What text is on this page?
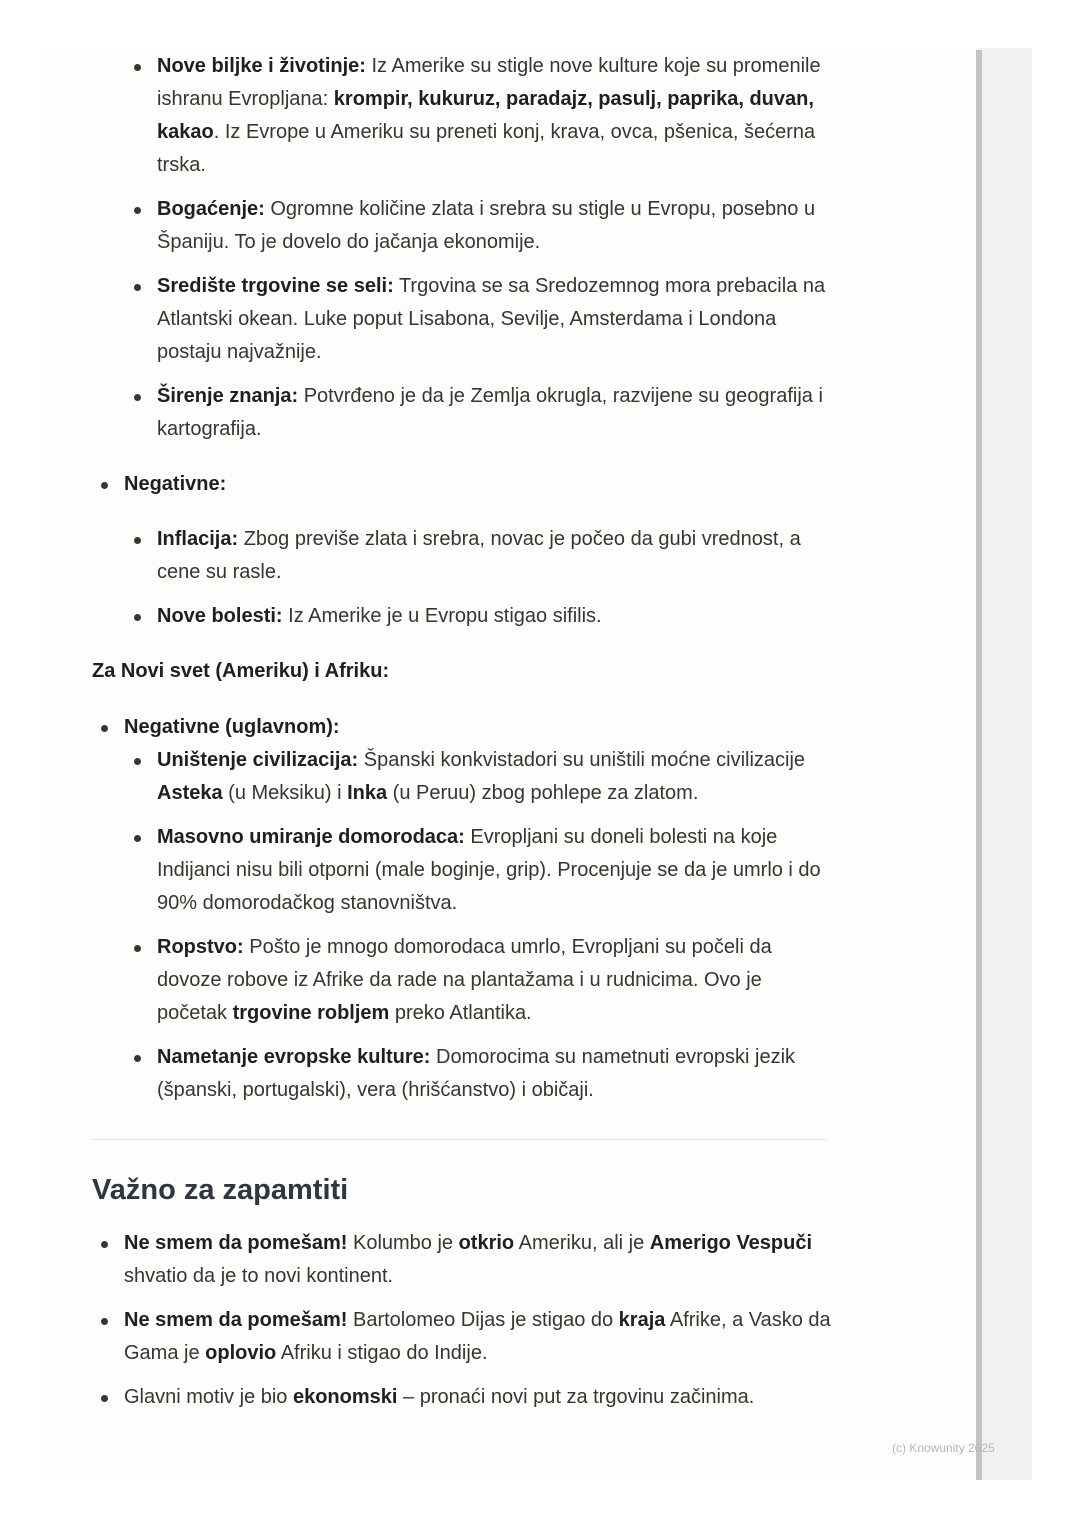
Nove biljke i životinje: Iz Amerike su stigle nove kulture koje su promenile ishranu Evropljana: krompir, kukuruz, paradajz, pasulj, paprika, duvan, kakao. Iz Evrope u Ameriku su preneti konj, krava, ovca, pšenica, šećerna trska.
Bogaćenje: Ogromne količine zlata i srebra su stigle u Evropu, posebno u Španiju. To je dovelo do jačanja ekonomije.
Središte trgovine se seli: Trgovina se sa Sredozemnog mora prebacila na Atlantski okean. Luke poput Lisabona, Sevilje, Amsterdama i Londona postaju najvažnije.
Širenje znanja: Potvrđeno je da je Zemlja okrugla, razvijene su geografija i kartografija.
Negativne:
Inflacija: Zbog previše zlata i srebra, novac je počeo da gubi vrednost, a cene su rasle.
Nove bolesti: Iz Amerike je u Evropu stigao sifilis.

Za Novi svet (Ameriku) i Afriku:

Negativne (uglavnom):
Uništenje civilizacija: Španski konkvistadori su uništili moćne civilizacije Asteka (u Meksiku) i Inka (u Peruu) zbog pohlepe za zlatom.
Masovno umiranje domorodaca: Evropljani su doneli bolesti na koje Indijanci nisu bili otporni (male boginje, grip). Procenjuje se da je umrlo i do 90% domorodačkog stanovništva.
Ropstvo: Pošto je mnogo domorodaca umrlo, Evropljani su počeli da dovoze robove iz Afrike da rade na plantažama i u rudnicima. Ovo je početak trgovine robljem preko Atlantika.
Nametanje evropske kulture: Domorocima su nametnuti evropski jezik (španski, portugalski), vera (hrišćanstvo) i običaji.
Važno za zapamtiti
Ne smem da pomešam! Kolumbo je otkrio Ameriku, ali je Amerigo Vespuči shvatio da je to novi kontinent.
Ne smem da pomešam! Bartolomeo Dijas je stigao do kraja Afrike, a Vasko da Gama je oplovio Afriku i stigao do Indije.
Glavni motiv je bio ekonomski – pronaći novi put za trgovinu začinima.
(c) Knowunity 2025
